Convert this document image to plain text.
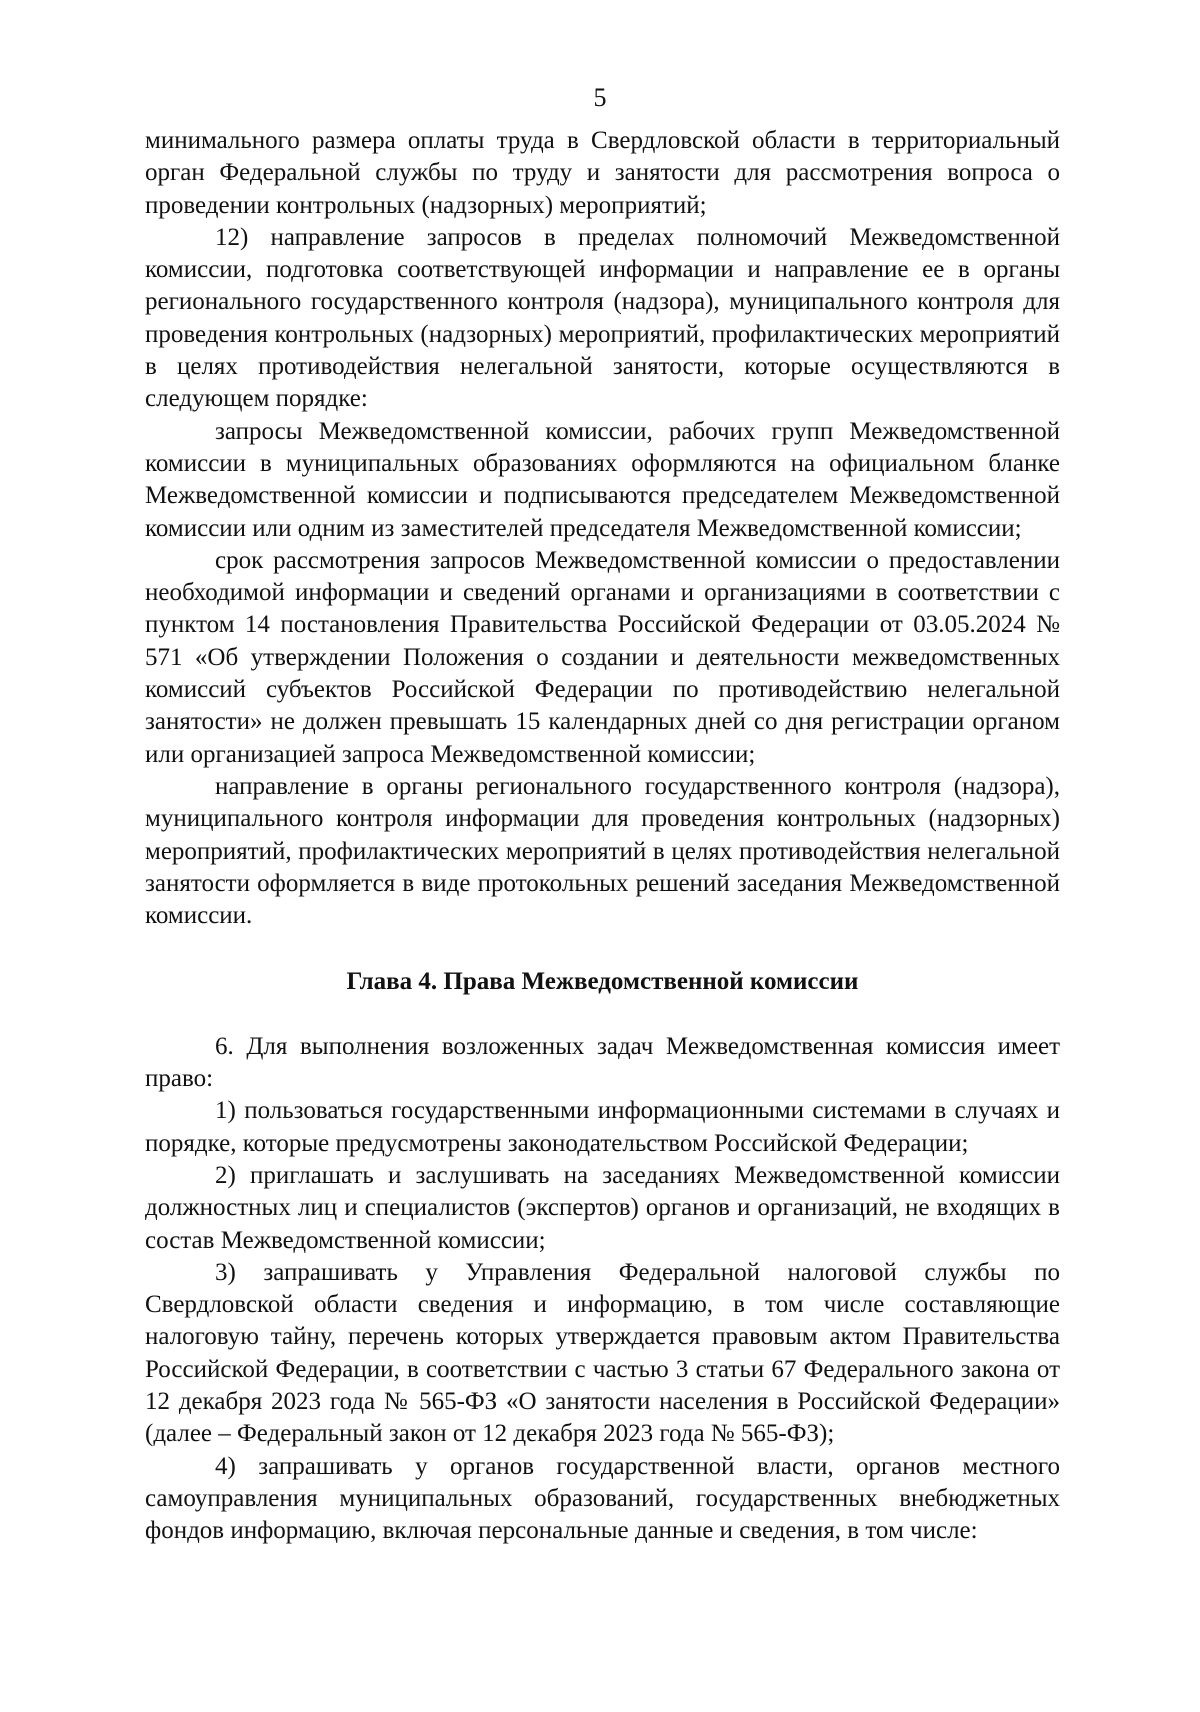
5

минимального размера оплаты труда в Свердловской области в территориальный орган Федеральной службы по труду и занятости для рассмотрения вопроса о проведении контрольных (надзорных) мероприятий;

12) направление запросов в пределах полномочий Межведомственной комиссии, подготовка соответствующей информации и направление ее в органы регионального государственного контроля (надзора), муниципального контроля для проведения контрольных (надзорных) мероприятий, профилактических мероприятий в целях противодействия нелегальной занятости, которые осуществляются в следующем порядке:

запросы Межведомственной комиссии, рабочих групп Межведомственной комиссии в муниципальных образованиях оформляются на официальном бланке Межведомственной комиссии и подписываются председателем Межведомственной комиссии или одним из заместителей председателя Межведомственной комиссии;

срок рассмотрения запросов Межведомственной комиссии о предоставлении необходимой информации и сведений органами и организациями в соответствии с пунктом 14 постановления Правительства Российской Федерации от 03.05.2024 № 571 «Об утверждении Положения о создании и деятельности межведомственных комиссий субъектов Российской Федерации по противодействию нелегальной занятости» не должен превышать 15 календарных дней со дня регистрации органом или организацией запроса Межведомственной комиссии;

направление в органы регионального государственного контроля (надзора), муниципального контроля информации для проведения контрольных (надзорных) мероприятий, профилактических мероприятий в целях противодействия нелегальной занятости оформляется в виде протокольных решений заседания Межведомственной комиссии.

Глава 4. Права Межведомственной комиссии

6. Для выполнения возложенных задач Межведомственная комиссия имеет право:

1) пользоваться государственными информационными системами в случаях и порядке, которые предусмотрены законодательством Российской Федерации;

2) приглашать и заслушивать на заседаниях Межведомственной комиссии должностных лиц и специалистов (экспертов) органов и организаций, не входящих в состав Межведомственной комиссии;

3) запрашивать у Управления Федеральной налоговой службы по Свердловской области сведения и информацию, в том числе составляющие налоговую тайну, перечень которых утверждается правовым актом Правительства Российской Федерации, в соответствии с частью 3 статьи 67 Федерального закона от 12 декабря 2023 года № 565-ФЗ «О занятости населения в Российской Федерации» (далее – Федеральный закон от 12 декабря 2023 года № 565-ФЗ);

4) запрашивать у органов государственной власти, органов местного самоуправления муниципальных образований, государственных внебюджетных фондов информацию, включая персональные данные и сведения, в том числе:
